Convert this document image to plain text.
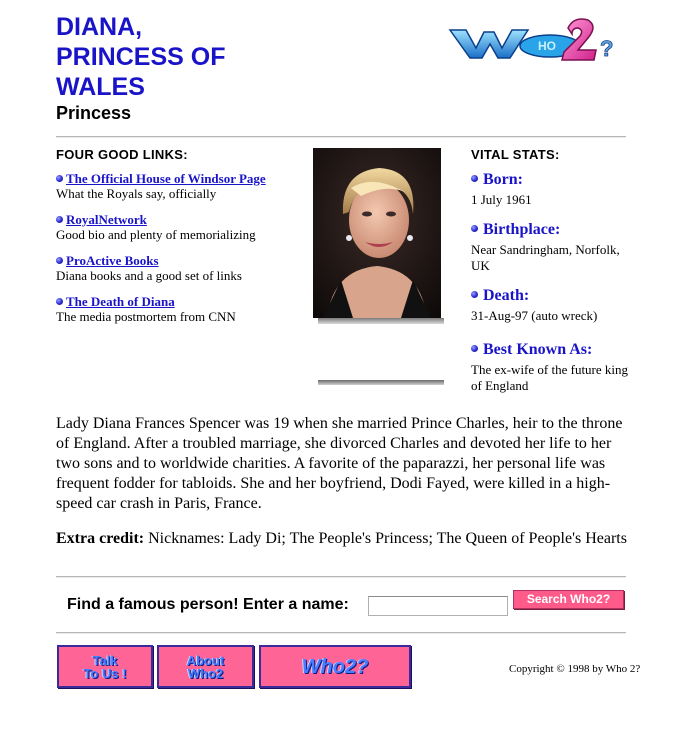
DIANA,
PRINCESS OF
WALES
Princess
HO ?
FOUR GOOD LINKS:
The Official House of Windsor Page
What the Royals say, officially
RoyalNetwork
Good bio and plenty of memorializing
ProActive Books
Diana books and a good set of links
The Death of Diana
The media postmortem from CNN
VITAL STATS:
Born:
1 July 1961
Birthplace:
Near Sandringham, Norfolk, UK
Death:
31-Aug-97 (auto wreck)
Best Known As:
The ex-wife of the future king of England

Lady Diana Frances Spencer was 19 when she married Prince Charles, heir to the throne of England. After a troubled marriage, she divorced Charles and devoted her life to her two sons and to worldwide charities. A favorite of the paparazzi, her personal life was frequent fodder for tabloids. She and her boyfriend, Dodi Fayed, were killed in a high-speed car crash in Paris, France.

Extra credit: Nicknames: Lady Di; The People's Princess; The Queen of People's Hearts

Find a famous person! Enter a name:	Search Who2?
Talk
To Us !
About
Who2	Who2?	Copyright © 1998 by Who 2?
